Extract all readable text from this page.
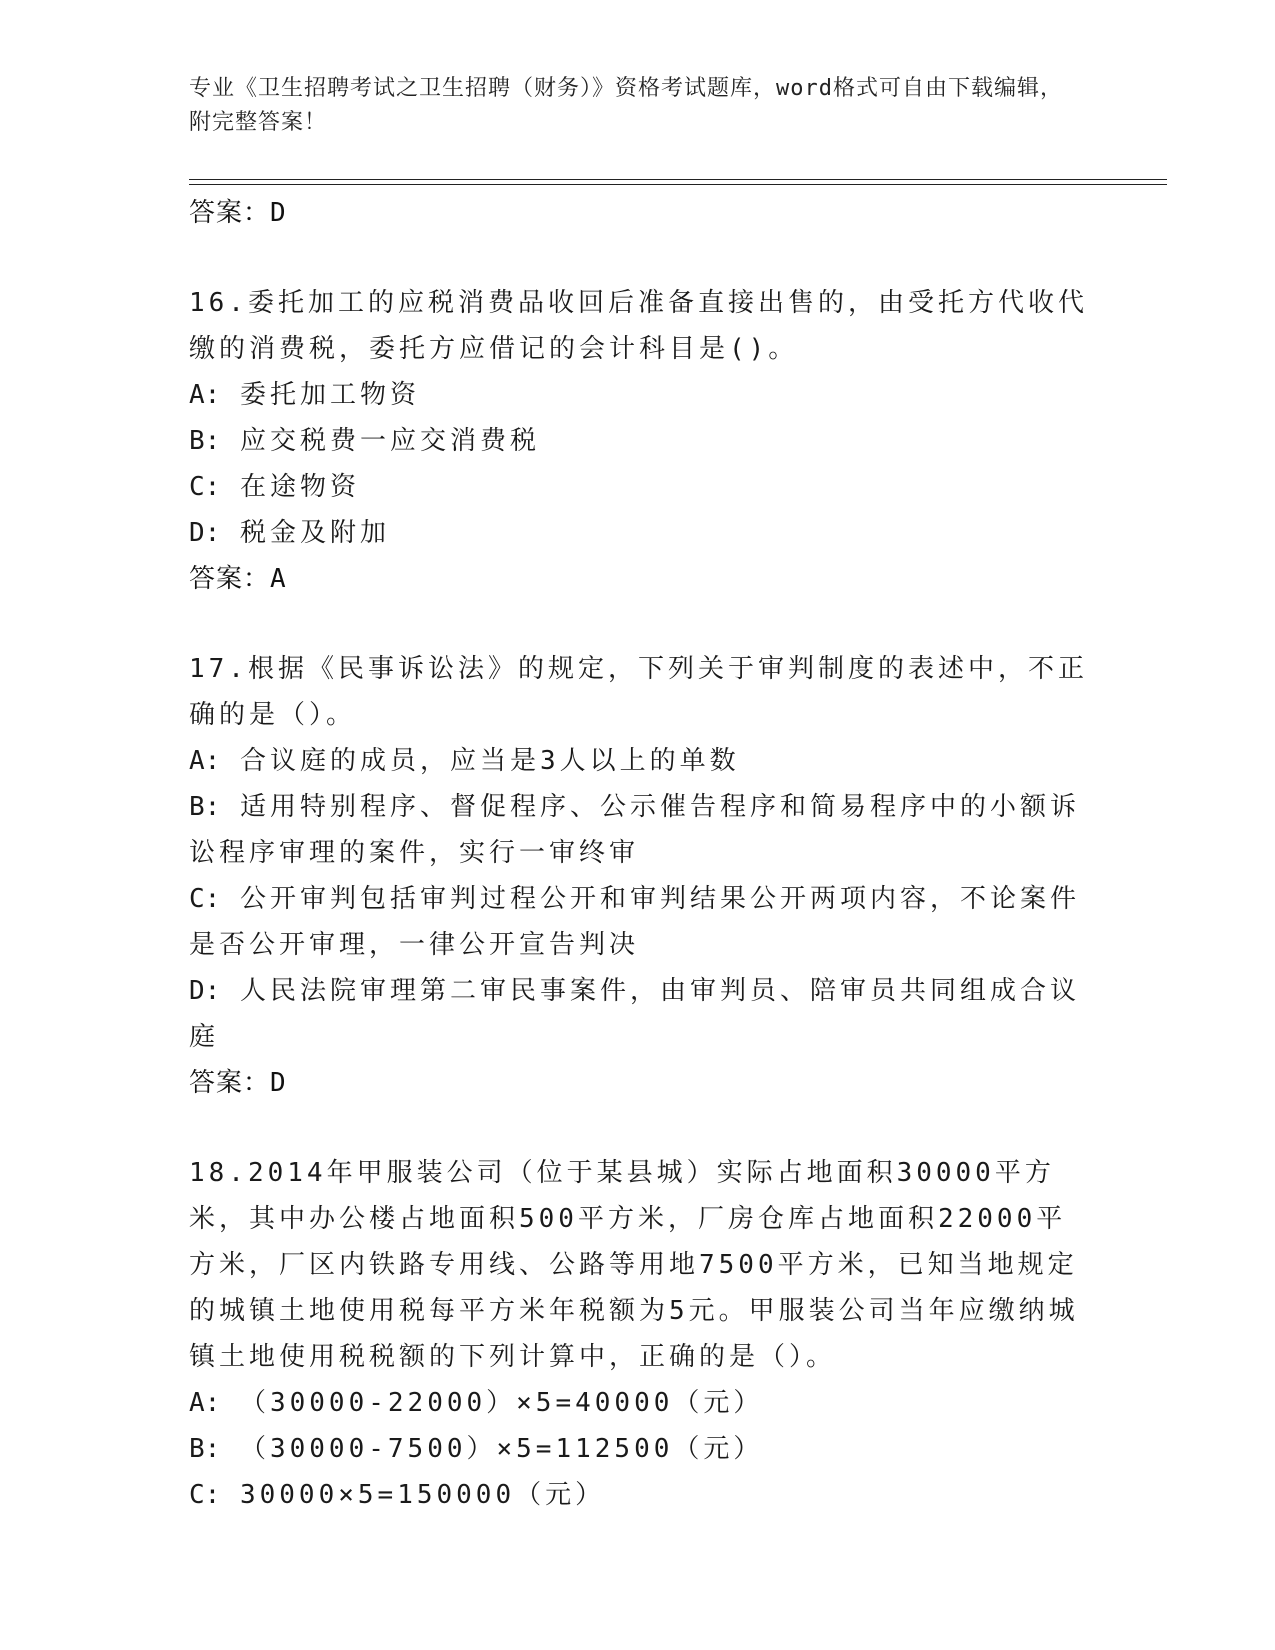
专业《卫生招聘考试之卫生招聘（财务）》资格考试题库，word格式可自由下载编辑，附完整答案！
答案：D

16.委托加工的应税消费品收回后准备直接出售的，由受托方代收代缴的消费税，委托方应借记的会计科目是()。

A: 委托加工物资

B: 应交税费一应交消费税

C: 在途物资

D: 税金及附加

答案：A

17.根据《民事诉讼法》的规定，下列关于审判制度的表述中，不正确的是（）。

A: 合议庭的成员，应当是3人以上的单数

B: 适用特别程序、督促程序、公示催告程序和简易程序中的小额诉讼程序审理的案件，实行一审终审

C: 公开审判包括审判过程公开和审判结果公开两项内容，不论案件是否公开审理，一律公开宣告判决

D: 人民法院审理第二审民事案件，由审判员、陪审员共同组成合议庭

答案：D

18.2014年甲服装公司（位于某县城）实际占地面积30000平方米，其中办公楼占地面积500平方米，厂房仓库占地面积22000平方米，厂区内铁路专用线、公路等用地7500平方米，已知当地规定的城镇土地使用税每平方米年税额为5元。甲服装公司当年应缴纳城镇土地使用税税额的下列计算中，正确的是（）。

A: （30000-22000）×5=40000（元）

B: （30000-7500）×5=112500（元）

C: 30000×5=150000（元）
